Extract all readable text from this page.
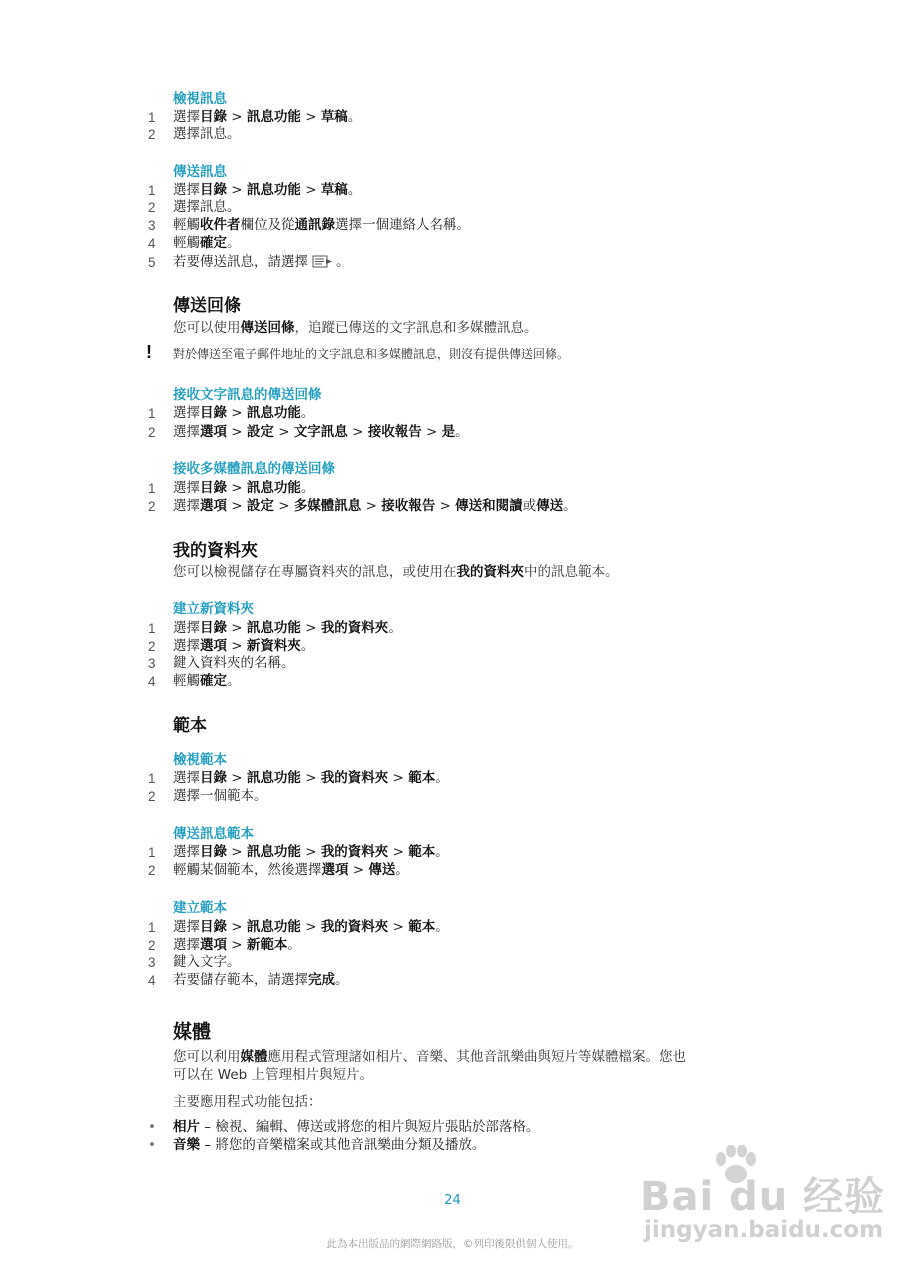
檢視訊息
1	選擇目錄 > 訊息功能 > 草稿。
2	選擇訊息。
傳送訊息
1	選擇目錄 > 訊息功能 > 草稿。
2	選擇訊息。
3	輕觸收件者欄位及從通訊錄選擇一個連絡人名稱。
4	輕觸確定。
5	若要傳送訊息，請選擇 。
傳送回條
您可以使用傳送回條，追蹤已傳送的文字訊息和多媒體訊息。
!	對於傳送至電子郵件地址的文字訊息和多媒體訊息，則沒有提供傳送回條。
接收文字訊息的傳送回條
1	選擇目錄 > 訊息功能。
2	選擇選項 > 設定 > 文字訊息 > 接收報告 > 是。
接收多媒體訊息的傳送回條
1	選擇目錄 > 訊息功能。
2	選擇選項 > 設定 > 多媒體訊息 > 接收報告 > 傳送和閱讀或傳送。
我的資料夾
您可以檢視儲存在專屬資料夾的訊息，或使用在我的資料夾中的訊息範本。
建立新資料夾
1	選擇目錄 > 訊息功能 > 我的資料夾。
2	選擇選項 > 新資料夾。
3	鍵入資料夾的名稱。
4	輕觸確定。
範本
檢視範本
1	選擇目錄 > 訊息功能 > 我的資料夾 > 範本。
2	選擇一個範本。
傳送訊息範本
1	選擇目錄 > 訊息功能 > 我的資料夾 > 範本。
2	輕觸某個範本，然後選擇選項 > 傳送。
建立範本
1	選擇目錄 > 訊息功能 > 我的資料夾 > 範本。
2	選擇選項 > 新範本。
3	鍵入文字。
4	若要儲存範本，請選擇完成。
媒體
您可以利用媒體應用程式管理諸如相片、音樂、其他音訊樂曲與短片等媒體檔案。您也
可以在 Web 上管理相片與短片。
主要應用程式功能包括：
• 相片 – 檢視、編輯、傳送或將您的相片與短片張貼於部落格。
• 音樂 – 將您的音樂檔案或其他音訊樂曲分類及播放。
Bai du 经验
jingyan.baidu.com
24
此為本出版品的網際網路版，©列印後限供個人使用。
